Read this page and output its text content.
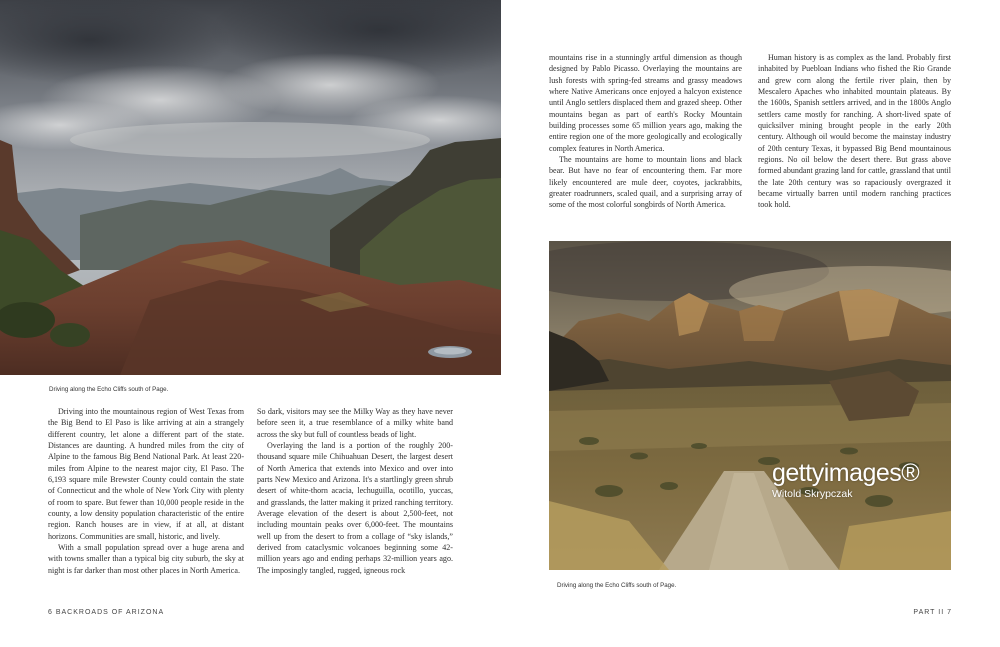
Driving along the Echo Cliffs south of Page.

Driving into the mountainous region of West Texas from the Big Bend to El Paso is like arriving at ain a strangely different country, let alone a different part of the state. Distances are daunting. A hundred miles from the city of Alpine to the famous Big Bend National Park. At least 220-miles from Alpine to the nearest major city, El Paso. The 6,193 square mile Brewster County could contain the state of Connecticut and the whole of New York City with plenty of room to spare. But fewer than 10,000 people reside in the county, a low density population characteristic of the entire region. Ranch houses are in view, if at all, at distant horizons. Communities are small, historic, and lively.

With a small population spread over a huge arena and with towns smaller than a typical big city suburb, the sky at night is far darker than most other places in North America.

So dark, visitors may see the Milky Way as they have never before seen it, a true resemblance of a milky white band across the sky but full of countless beads of light.

Overlaying the land is a portion of the roughly 200-thousand square mile Chihuahuan Desert, the largest desert of North America that extends into Mexico and over into parts New Mexico and Arizona. It's a startlingly green shrub desert of white-thorn acacia, lechuguilla, ocotillo, yuccas, and grasslands, the latter making it prized ranching territory. Average elevation of the desert is about 2,500-feet, not including mountain peaks over 6,000-feet. The mountains well up from the desert to from a collage of “sky islands,” derived from cataclysmic volcanoes beginning some 42-million years ago and ending perhaps 32-million years ago. The imposingly tangled, rugged, igneous rock

6 BACKROADS OF ARIZONA

mountains rise in a stunningly artful dimension as though designed by Pablo Picasso. Overlaying the mountains are lush forests with spring-fed streams and grassy meadows where Native Americans once enjoyed a halcyon existence until Anglo settlers displaced them and grazed sheep. Other mountains began as part of earth's Rocky Mountain building processes some 65 million years ago, making the entire region one of the more geologically and ecologically complex features in North America.

The mountains are home to mountain lions and black bear. But have no fear of encountering them. Far more likely encountered are mule deer, coyotes, jackrabbits, greater roadrunners, scaled quail, and a surprising array of some of the most colorful songbirds of North America.

Human history is as complex as the land. Probably first inhabited by Puebloan Indians who fished the Rio Grande and grew corn along the fertile river plain, then by Mescalero Apaches who inhabited mountain plateaus. By the 1600s, Spanish settlers arrived, and in the 1800s Anglo settlers came mostly for ranching. A short-lived spate of quicksilver mining brought people in the early 20th century. Although oil would become the mainstay industry of 20th century Texas, it bypassed Big Bend mountainous regions. No oil below the desert there. But grass above formed abundant grazing land for cattle, grassland that until the late 20th century was so rapaciously overgrazed it became virtually barren until modern ranching practices took hold.

gettyimages®
Witold Skrypczak
Driving along the Echo Cliffs south of Page.
PART II 7
